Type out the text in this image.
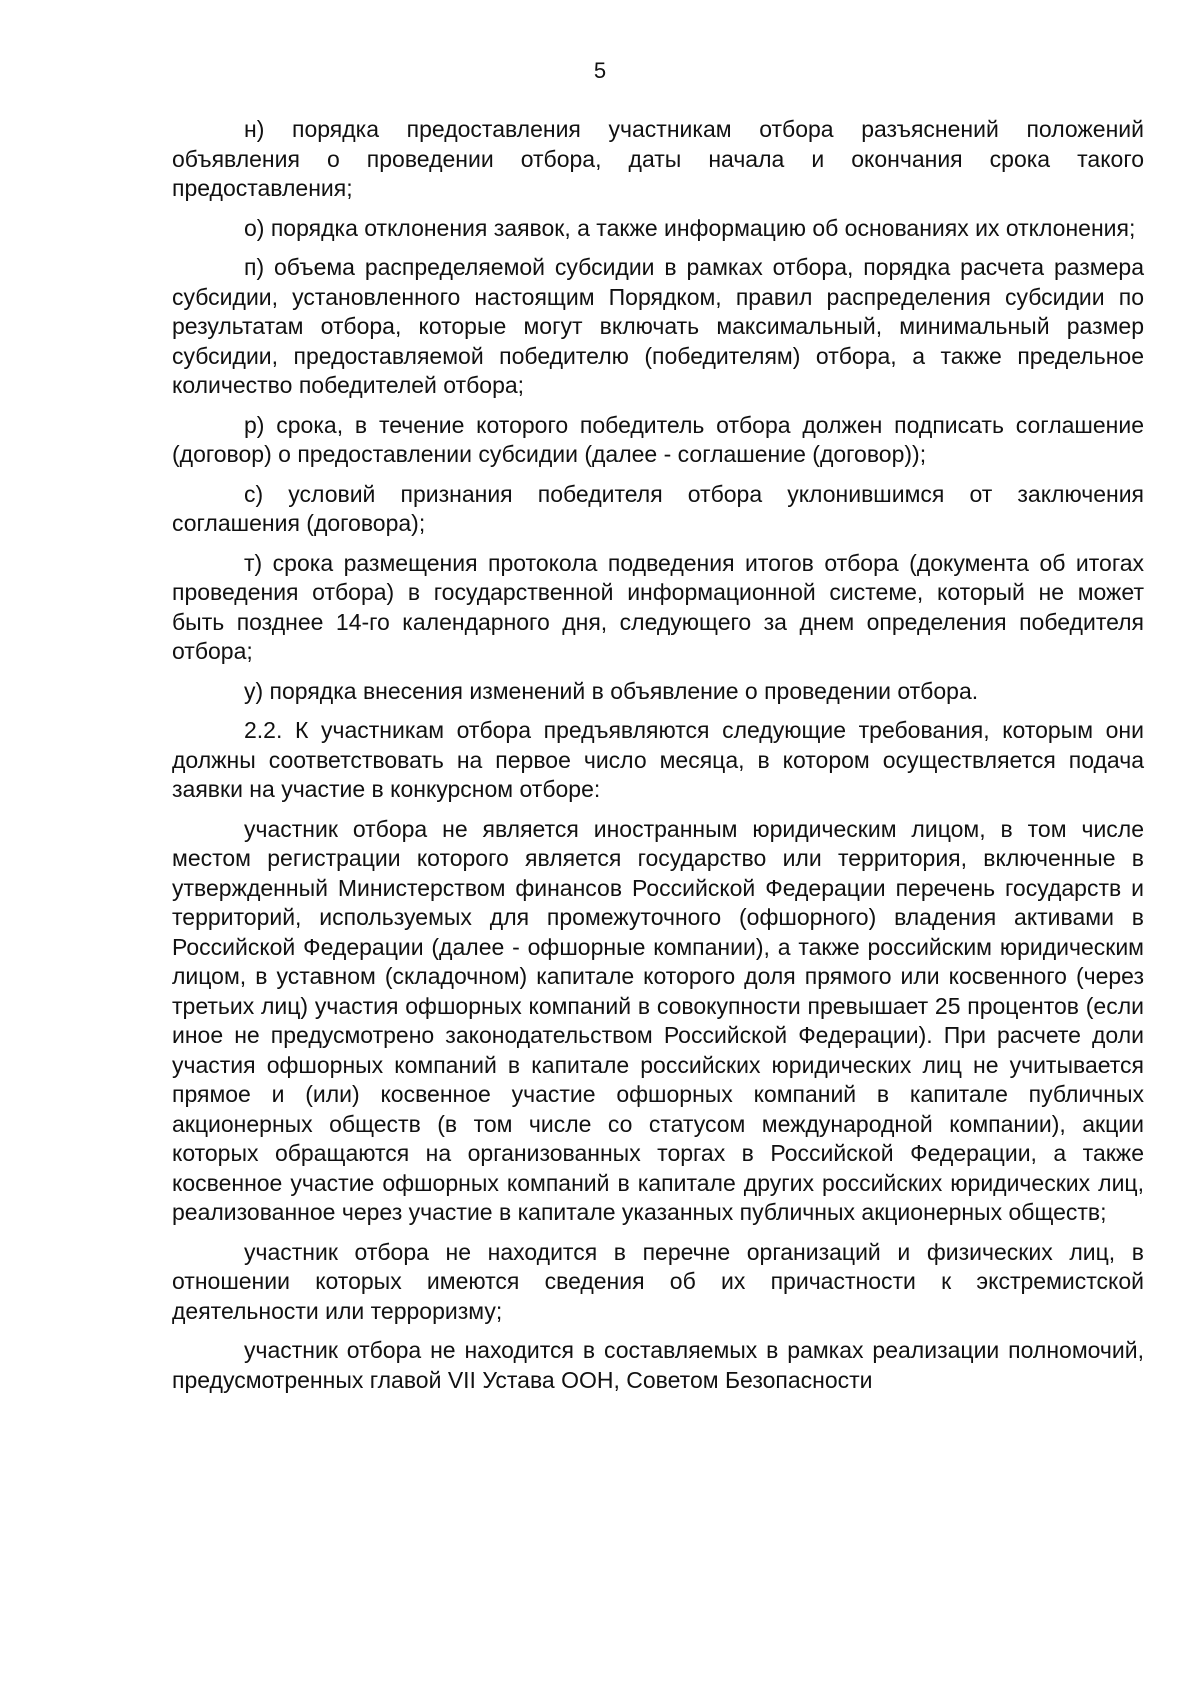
5

н) порядка предоставления участникам отбора разъяснений положений объявления о проведении отбора, даты начала и окончания срока такого предоставления;

о) порядка отклонения заявок, а также информацию об основаниях их отклонения;

п) объема распределяемой субсидии в рамках отбора, порядка расчета размера субсидии, установленного настоящим Порядком, правил распределения субсидии по результатам отбора, которые могут включать максимальный, минимальный размер субсидии, предоставляемой победителю (победителям) отбора, а также предельное количество победителей отбора;

р) срока, в течение которого победитель отбора должен подписать соглашение (договор) о предоставлении субсидии (далее - соглашение (договор));

с) условий признания победителя отбора уклонившимся от заключения соглашения (договора);

т) срока размещения протокола подведения итогов отбора (документа об итогах проведения отбора) в государственной информационной системе, который не может быть позднее 14-го календарного дня, следующего за днем определения победителя отбора;

у) порядка внесения изменений в объявление о проведении отбора.

2.2. К участникам отбора предъявляются следующие требования, которым они должны соответствовать на первое число месяца, в котором осуществляется подача заявки на участие в конкурсном отборе:

участник отбора не является иностранным юридическим лицом, в том числе местом регистрации которого является государство или территория, включенные в утвержденный Министерством финансов Российской Федерации перечень государств и территорий, используемых для промежуточного (офшорного) владения активами в Российской Федерации (далее - офшорные компании), а также российским юридическим лицом, в уставном (складочном) капитале которого доля прямого или косвенного (через третьих лиц) участия офшорных компаний в совокупности превышает 25 процентов (если иное не предусмотрено законодательством Российской Федерации). При расчете доли участия офшорных компаний в капитале российских юридических лиц не учитывается прямое и (или) косвенное участие офшорных компаний в капитале публичных акционерных обществ (в том числе со статусом международной компании), акции которых обращаются на организованных торгах в Российской Федерации, а также косвенное участие офшорных компаний в капитале других российских юридических лиц, реализованное через участие в капитале указанных публичных акционерных обществ;

участник отбора не находится в перечне организаций и физических лиц, в отношении которых имеются сведения об их причастности к экстремистской деятельности или терроризму;

участник отбора не находится в составляемых в рамках реализации полномочий, предусмотренных главой VII Устава ООН, Советом Безопасности
